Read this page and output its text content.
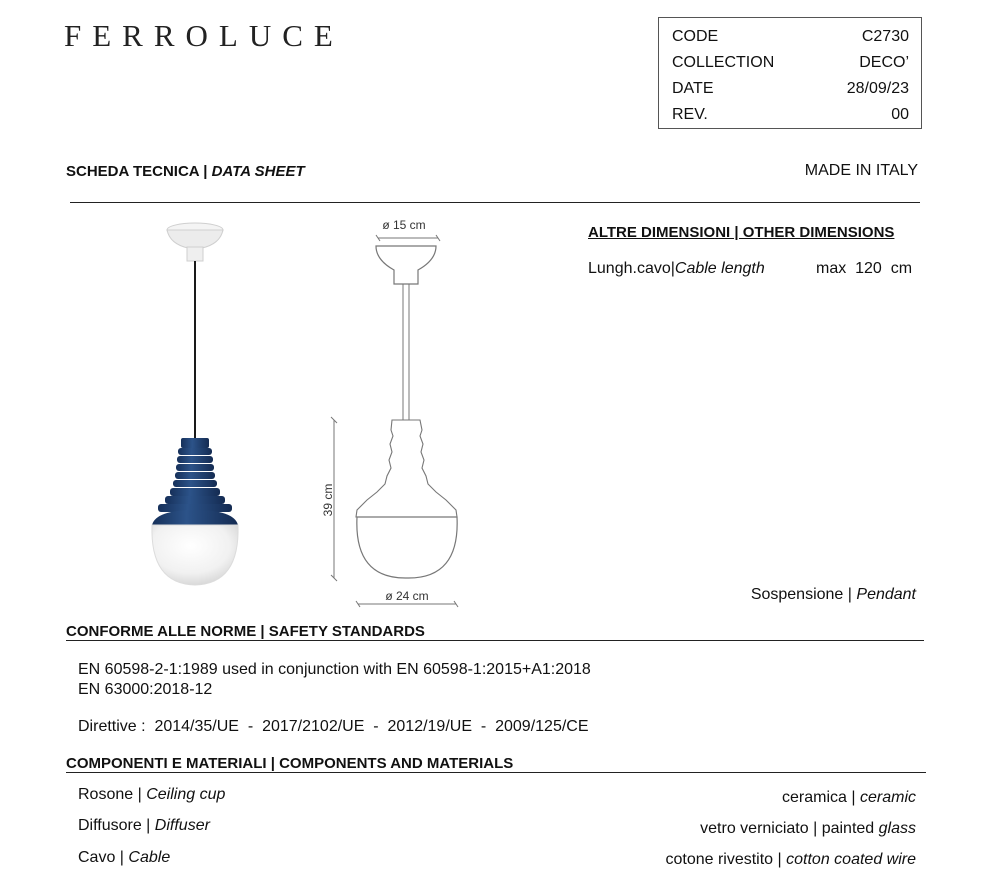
FERROLUCE	CODE	C2730
COLLECTION	DECO’
DATE	28/09/23
REV.	00
SCHEDA TECNICA | DATA SHEET	MADE IN ITALY
ø 15 cm
39 cm
ø 24 cm
ALTRE DIMENSIONI | OTHER DIMENSIONS
Lungh.cavo|Cable length	max  120  cm
Sospensione | Pendant
CONFORME ALLE NORME | SAFETY STANDARDS
EN 60598-2-1:1989 used in conjunction with EN 60598-1:2015+A1:2018
EN 63000:2018-12
Direttive :  2014/35/UE  -  2017/2102/UE  -  2012/19/UE  -  2009/125/CE
COMPONENTI E MATERIALI | COMPONENTS AND MATERIALS
Rosone | Ceiling cup	ceramica | ceramic
Diffusore | Diffuser	vetro verniciato | painted glass
Cavo | Cable	cotone rivestito | cotton coated wire
